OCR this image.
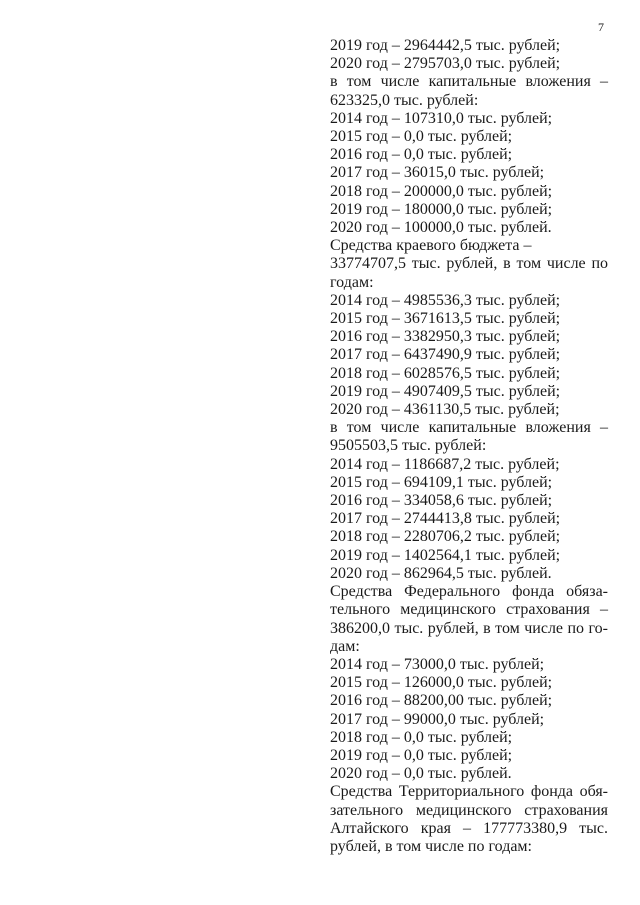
7
2019 год – 2964442,5 тыс. рублей;
2020 год – 2795703,0 тыс. рублей;
в том числе капитальные вложения –
623325,0 тыс. рублей:
2014 год – 107310,0 тыс. рублей;
2015 год – 0,0 тыс. рублей;
2016 год – 0,0 тыс. рублей;
2017 год – 36015,0 тыс. рублей;
2018 год – 200000,0 тыс. рублей;
2019 год – 180000,0 тыс. рублей;
2020 год – 100000,0 тыс. рублей.
Средства краевого бюджета –
33774707,5 тыс. рублей, в том числе по
годам:
2014 год – 4985536,3 тыс. рублей;
2015 год – 3671613,5 тыс. рублей;
2016 год – 3382950,3 тыс. рублей;
2017 год – 6437490,9 тыс. рублей;
2018 год – 6028576,5 тыс. рублей;
2019 год – 4907409,5 тыс. рублей;
2020 год – 4361130,5 тыс. рублей;
в том числе капитальные вложения –
9505503,5 тыс. рублей:
2014 год – 1186687,2 тыс. рублей;
2015 год – 694109,1 тыс. рублей;
2016 год – 334058,6 тыс. рублей;
2017 год – 2744413,8 тыс. рублей;
2018 год – 2280706,2 тыс. рублей;
2019 год – 1402564,1 тыс. рублей;
2020 год – 862964,5 тыс. рублей.
Средства Федерального фонда обяза-
тельного медицинского страхования –
386200,0 тыс. рублей, в том числе по го-
дам:
2014 год – 73000,0 тыс. рублей;
2015 год – 126000,0 тыс. рублей;
2016 год – 88200,00 тыс. рублей;
2017 год – 99000,0 тыс. рублей;
2018 год – 0,0 тыс. рублей;
2019 год – 0,0 тыс. рублей;
2020 год – 0,0 тыс. рублей.
Средства Территориального фонда обя-
зательного медицинского страхования
Алтайского края – 177773380,9 тыс.
рублей, в том числе по годам:
